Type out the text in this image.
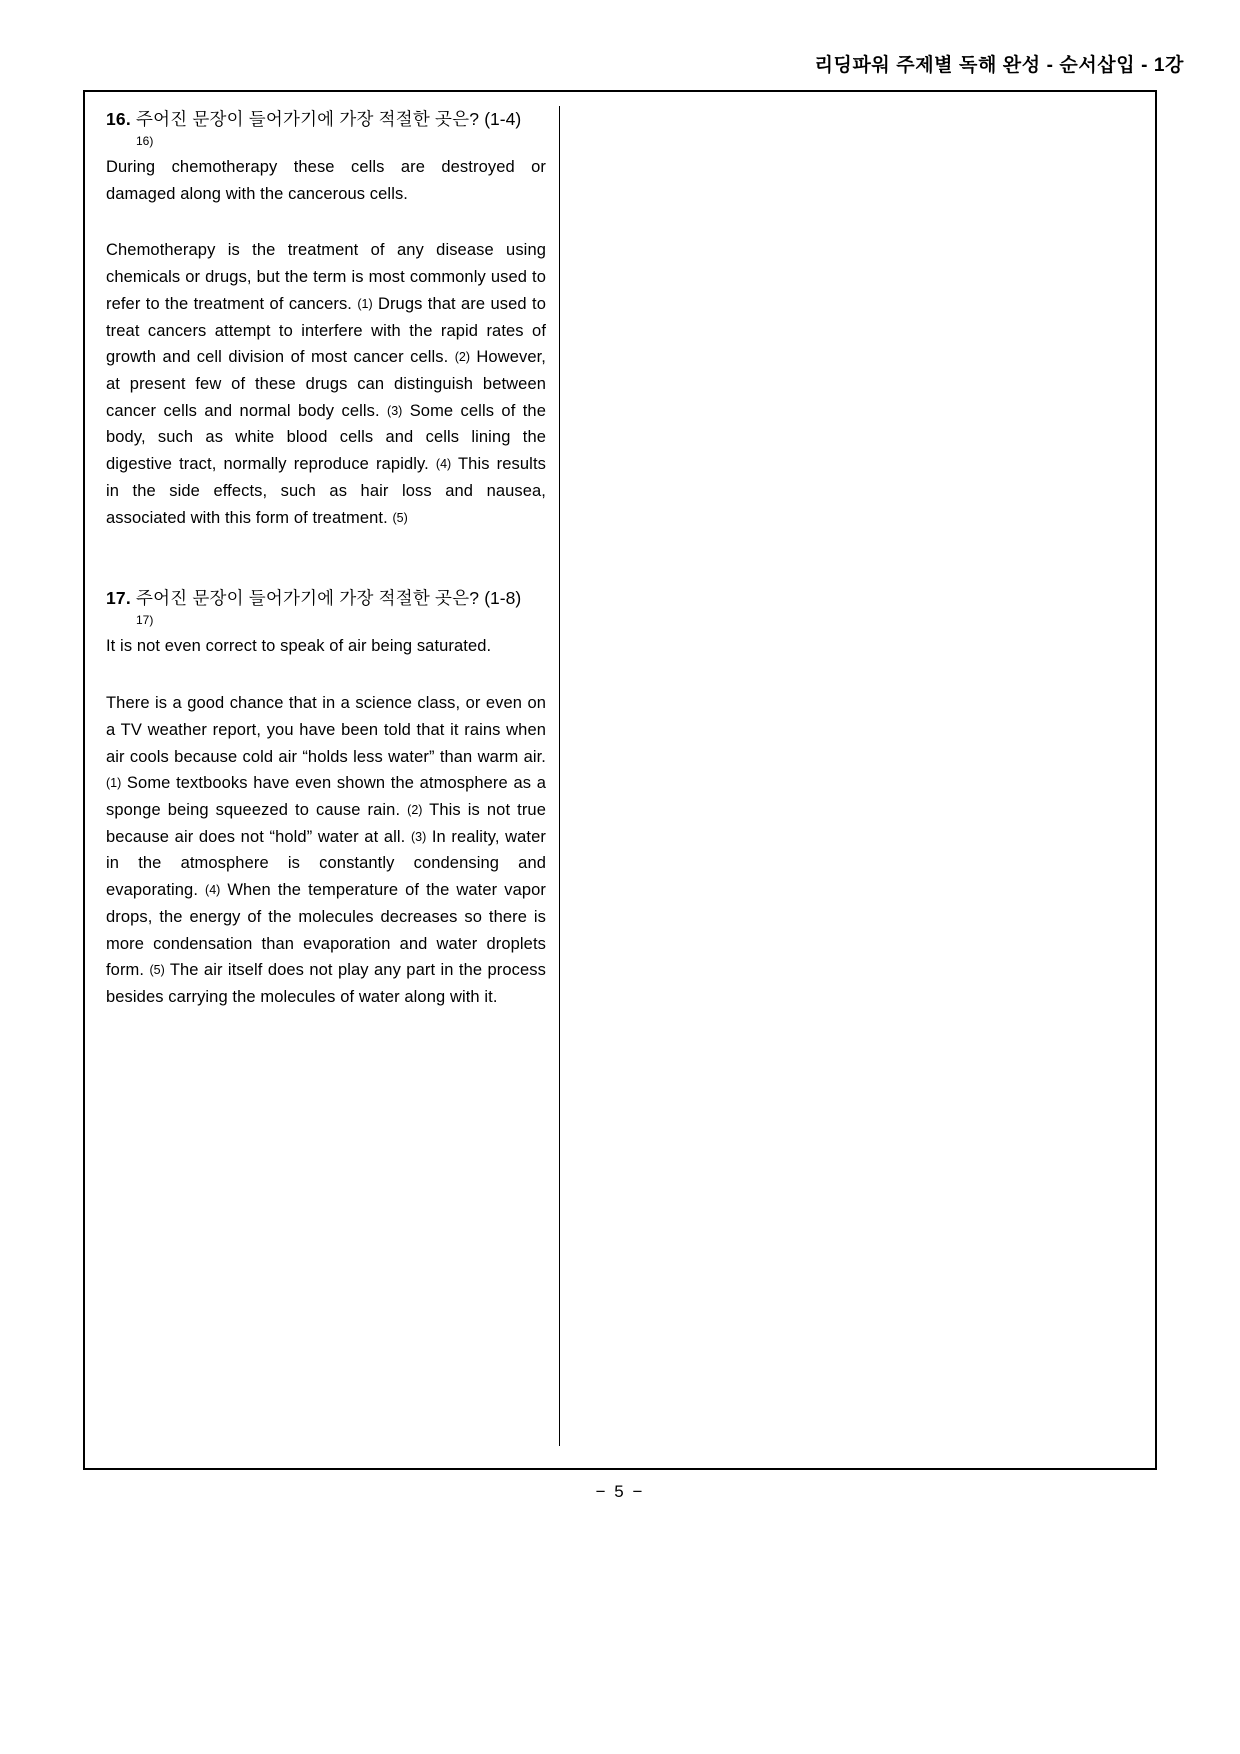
리딩파워 주제별 독해 완성 - 순서삽입 - 1강
16. 주어진 문장이 들어가기에 가장 적절한 곳은? (1-4)
16)
During chemotherapy these cells are destroyed or damaged along with the cancerous cells.
Chemotherapy is the treatment of any disease using chemicals or drugs, but the term is most commonly used to refer to the treatment of cancers. (1) Drugs that are used to treat cancers attempt to interfere with the rapid rates of growth and cell division of most cancer cells. (2) However, at present few of these drugs can distinguish between cancer cells and normal body cells. (3) Some cells of the body, such as white blood cells and cells lining the digestive tract, normally reproduce rapidly. (4) This results in the side effects, such as hair loss and nausea, associated with this form of treatment. (5)
17. 주어진 문장이 들어가기에 가장 적절한 곳은? (1-8)
17)
It is not even correct to speak of air being saturated.
There is a good chance that in a science class, or even on a TV weather report, you have been told that it rains when air cools because cold air “holds less water” than warm air. (1) Some textbooks have even shown the atmosphere as a sponge being squeezed to cause rain. (2) This is not true because air does not “hold” water at all. (3) In reality, water in the atmosphere is constantly condensing and evaporating. (4) When the temperature of the water vapor drops, the energy of the molecules decreases so there is more condensation than evaporation and water droplets form. (5) The air itself does not play any part in the process besides carrying the molecules of water along with it.
− 5 −
